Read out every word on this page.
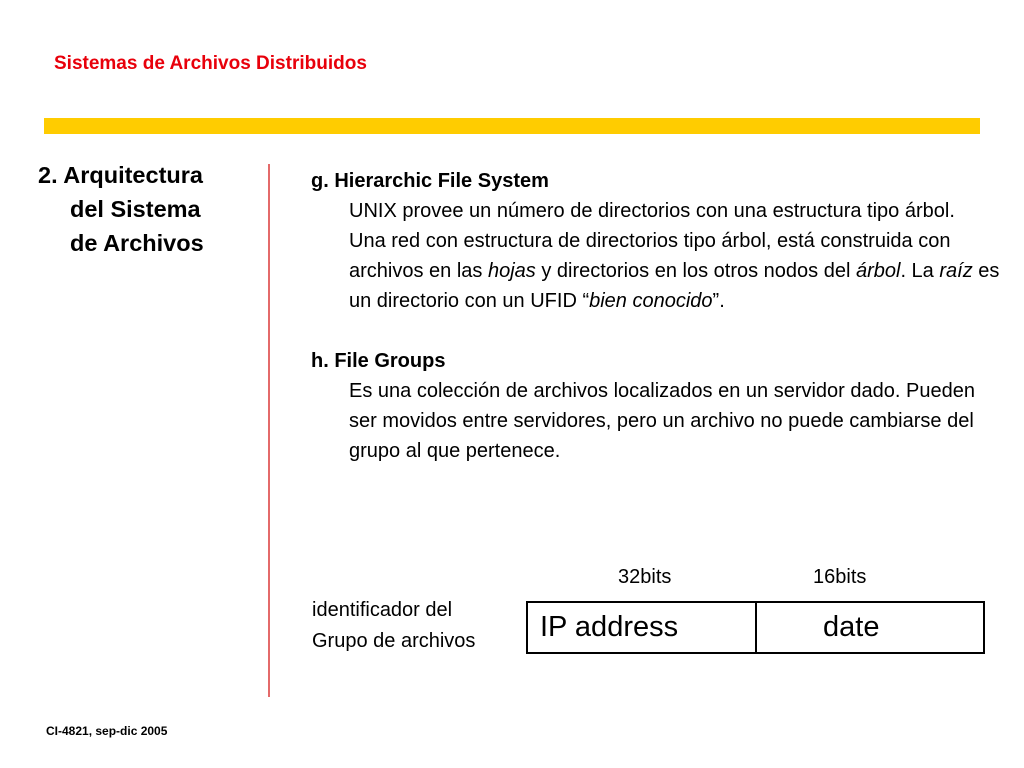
Sistemas de Archivos Distribuidos
2. Arquitectura
del Sistema
de Archivos
g. Hierarchic File System
UNIX provee un número de directorios con una estructura tipo árbol.
Una red con estructura de directorios tipo árbol, está construida con archivos en las hojas y directorios en los otros nodos del árbol. La raíz es un directorio con un UFID “bien conocido”.
h. File Groups
Es una colección de archivos localizados en un servidor dado. Pueden ser movidos entre servidores, pero un archivo no puede cambiarse del grupo al que pertenece.
32bits	16bits
identificador del
Grupo de archivos	IP address	date
CI-4821, sep-dic 2005
